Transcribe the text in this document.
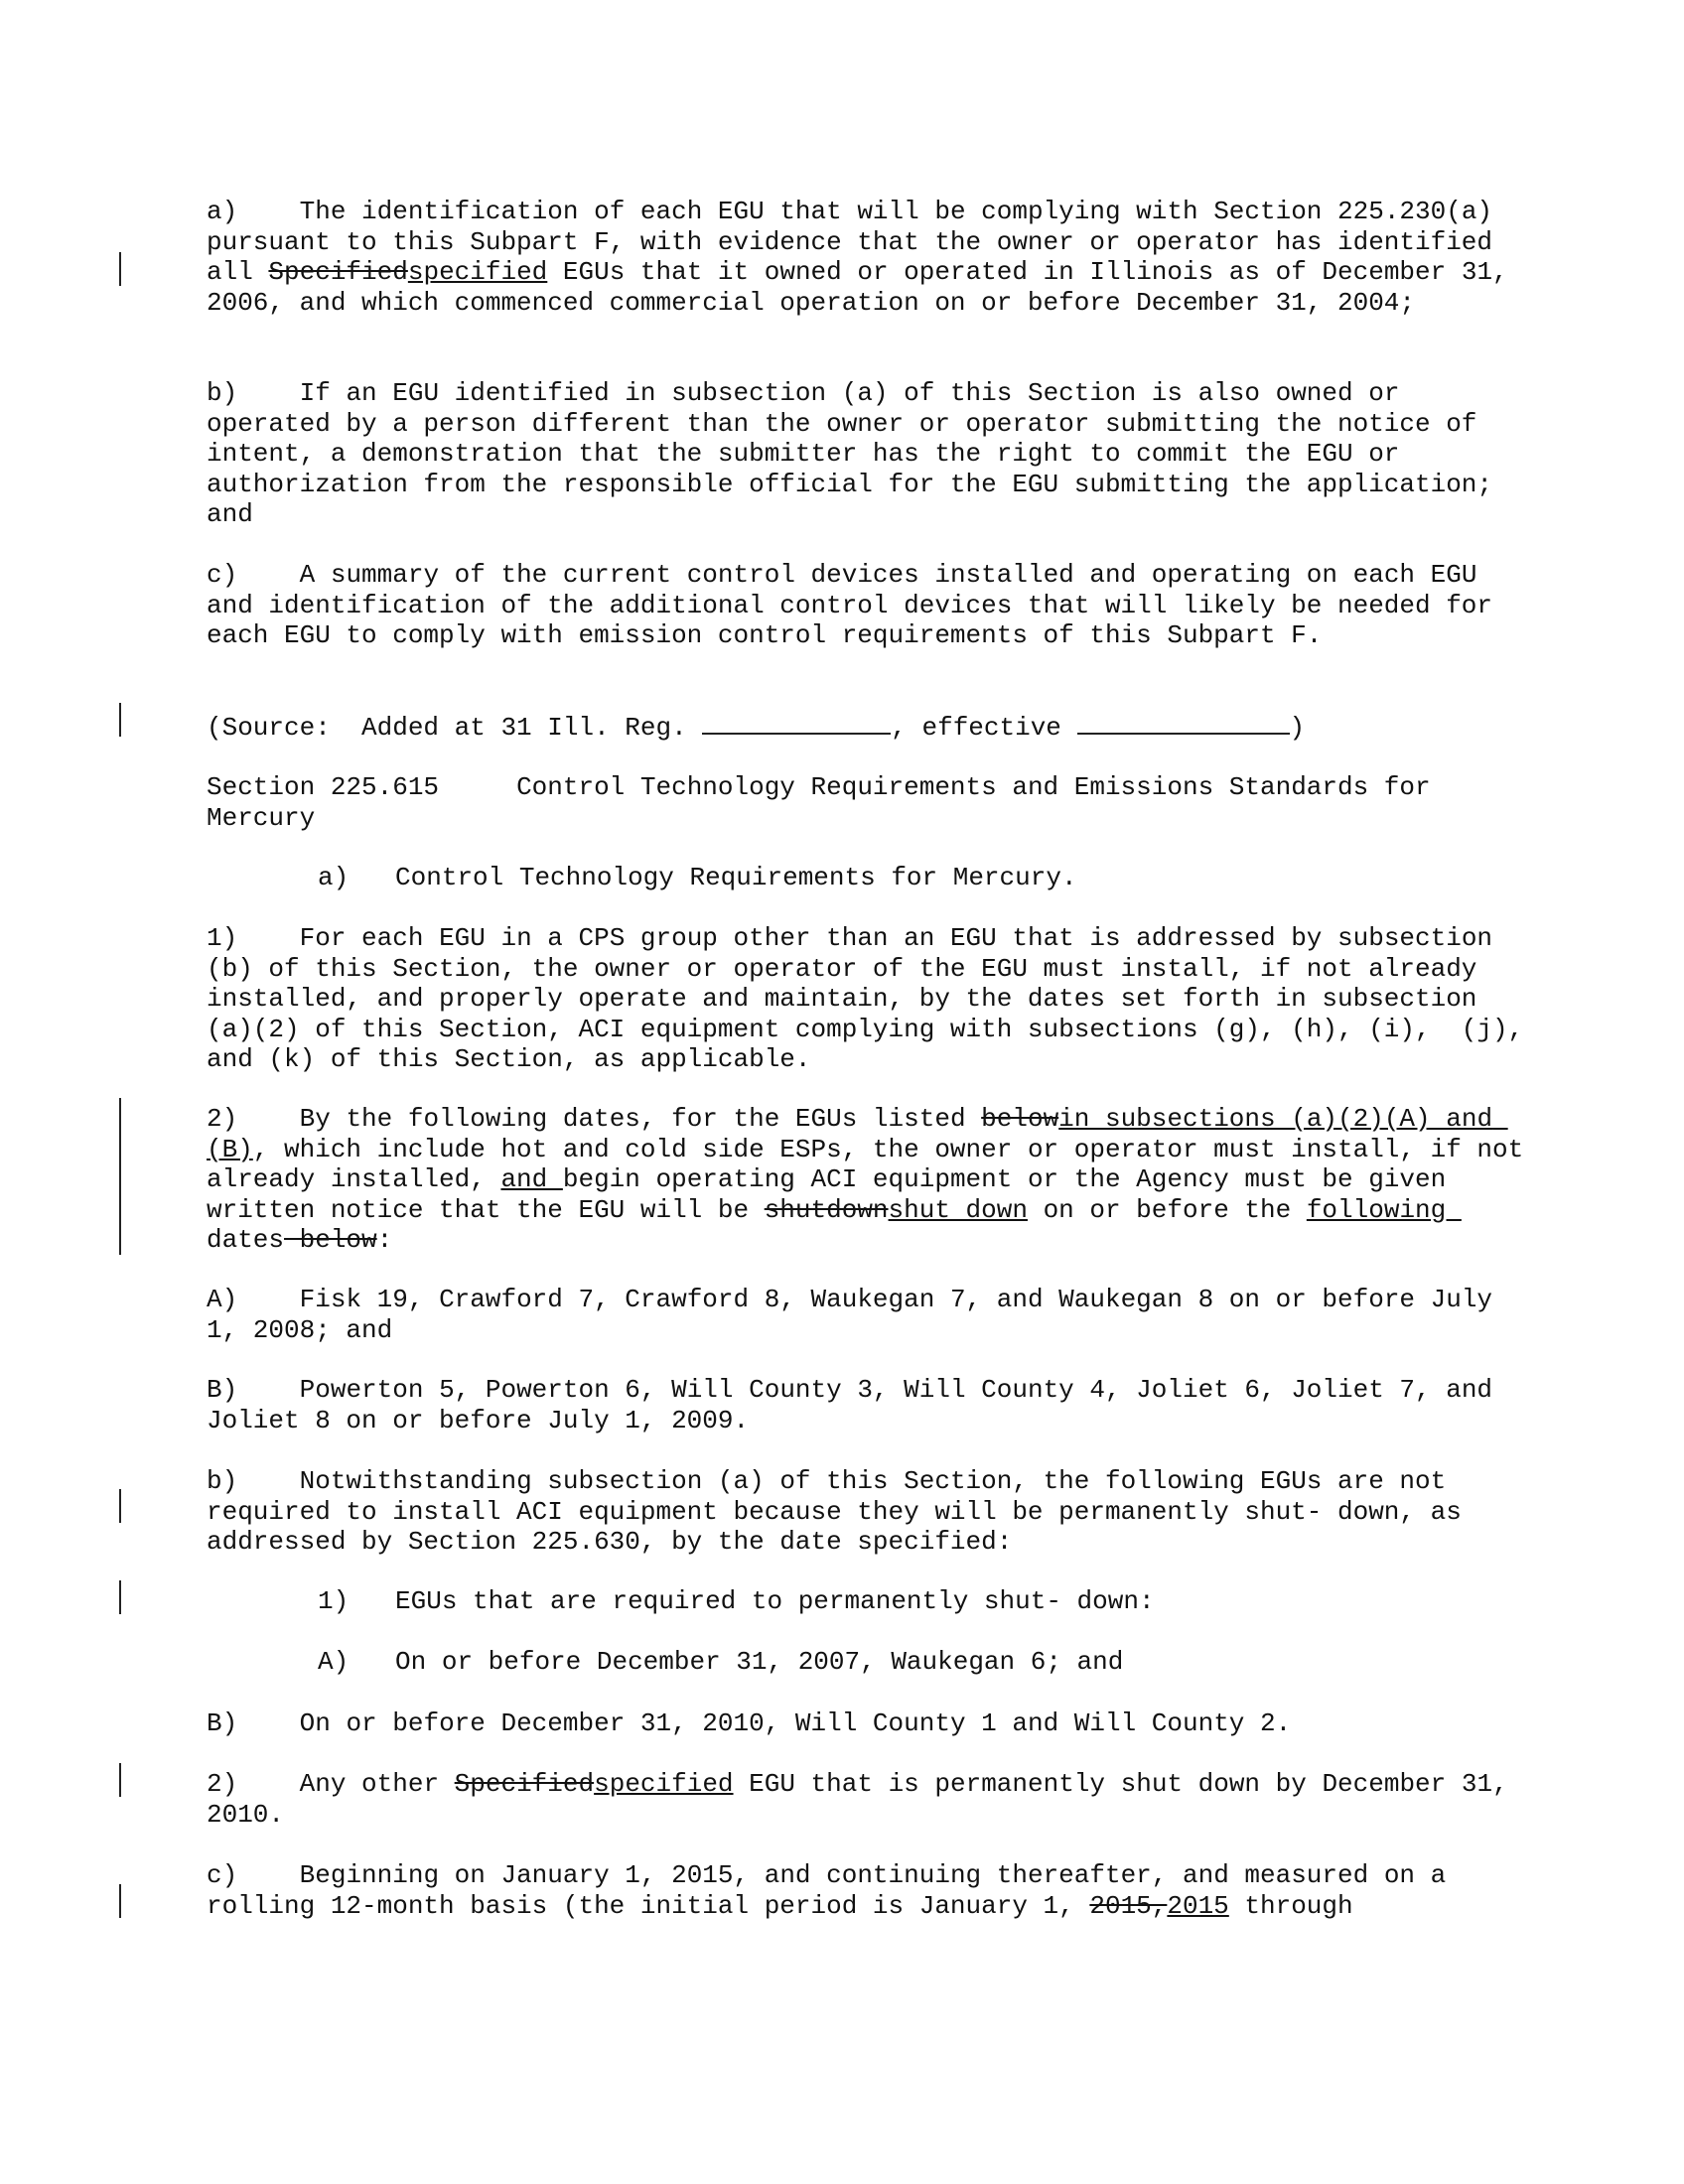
a) The identification of each EGU that will be complying with Section 225.230(a) pursuant to this Subpart F, with evidence that the owner or operator has identified all Specifiedspecified EGUs that it owned or operated in Illinois as of December 31, 2006, and which commenced commercial operation on or before December 31, 2004;

b) If an EGU identified in subsection (a) of this Section is also owned or operated by a person different than the owner or operator submitting the notice of intent, a demonstration that the submitter has the right to commit the EGU or authorization from the responsible official for the EGU submitting the application; and

c) A summary of the current control devices installed and operating on each EGU and identification of the additional control devices that will likely be needed for each EGU to comply with emission control requirements of this Subpart F.

(Source:  Added at 31 Ill. Reg.	, effective	)

Section 225.615	Control Technology Requirements and Emissions Standards for Mercury

a) Control Technology Requirements for Mercury.

1) For each EGU in a CPS group other than an EGU that is addressed by subsection (b) of this Section, the owner or operator of the EGU must install, if not already installed, and properly operate and maintain, by the dates set forth in subsection (a)(2) of this Section, ACI equipment complying with subsections (g), (h), (i),  (j), and (k) of this Section, as applicable.

2) By the following dates, for the EGUs listed belowin subsections (a)(2)(A) and (B), which include hot and cold side ESPs, the owner or operator must install, if not already installed, and begin operating ACI equipment or the Agency must be given written notice that the EGU will be shutdownshut down on or before the following dates below:

A) Fisk 19, Crawford 7, Crawford 8, Waukegan 7, and Waukegan 8 on or before July 1, 2008; and

B) Powerton 5, Powerton 6, Will County 3, Will County 4, Joliet 6, Joliet 7, and Joliet 8 on or before July 1, 2009.

b) Notwithstanding subsection (a) of this Section, the following EGUs are not required to install ACI equipment because they will be permanently shut- down, as addressed by Section 225.630, by the date specified:

1) EGUs that are required to permanently shut- down:

A) On or before December 31, 2007, Waukegan 6; and

B) On or before December 31, 2010, Will County 1 and Will County 2.

2) Any other Specifiedspecified EGU that is permanently shut down by December 31, 2010.

c) Beginning on January 1, 2015, and continuing thereafter, and measured on a rolling 12-month basis (the initial period is January 1, 2015,2015 through
